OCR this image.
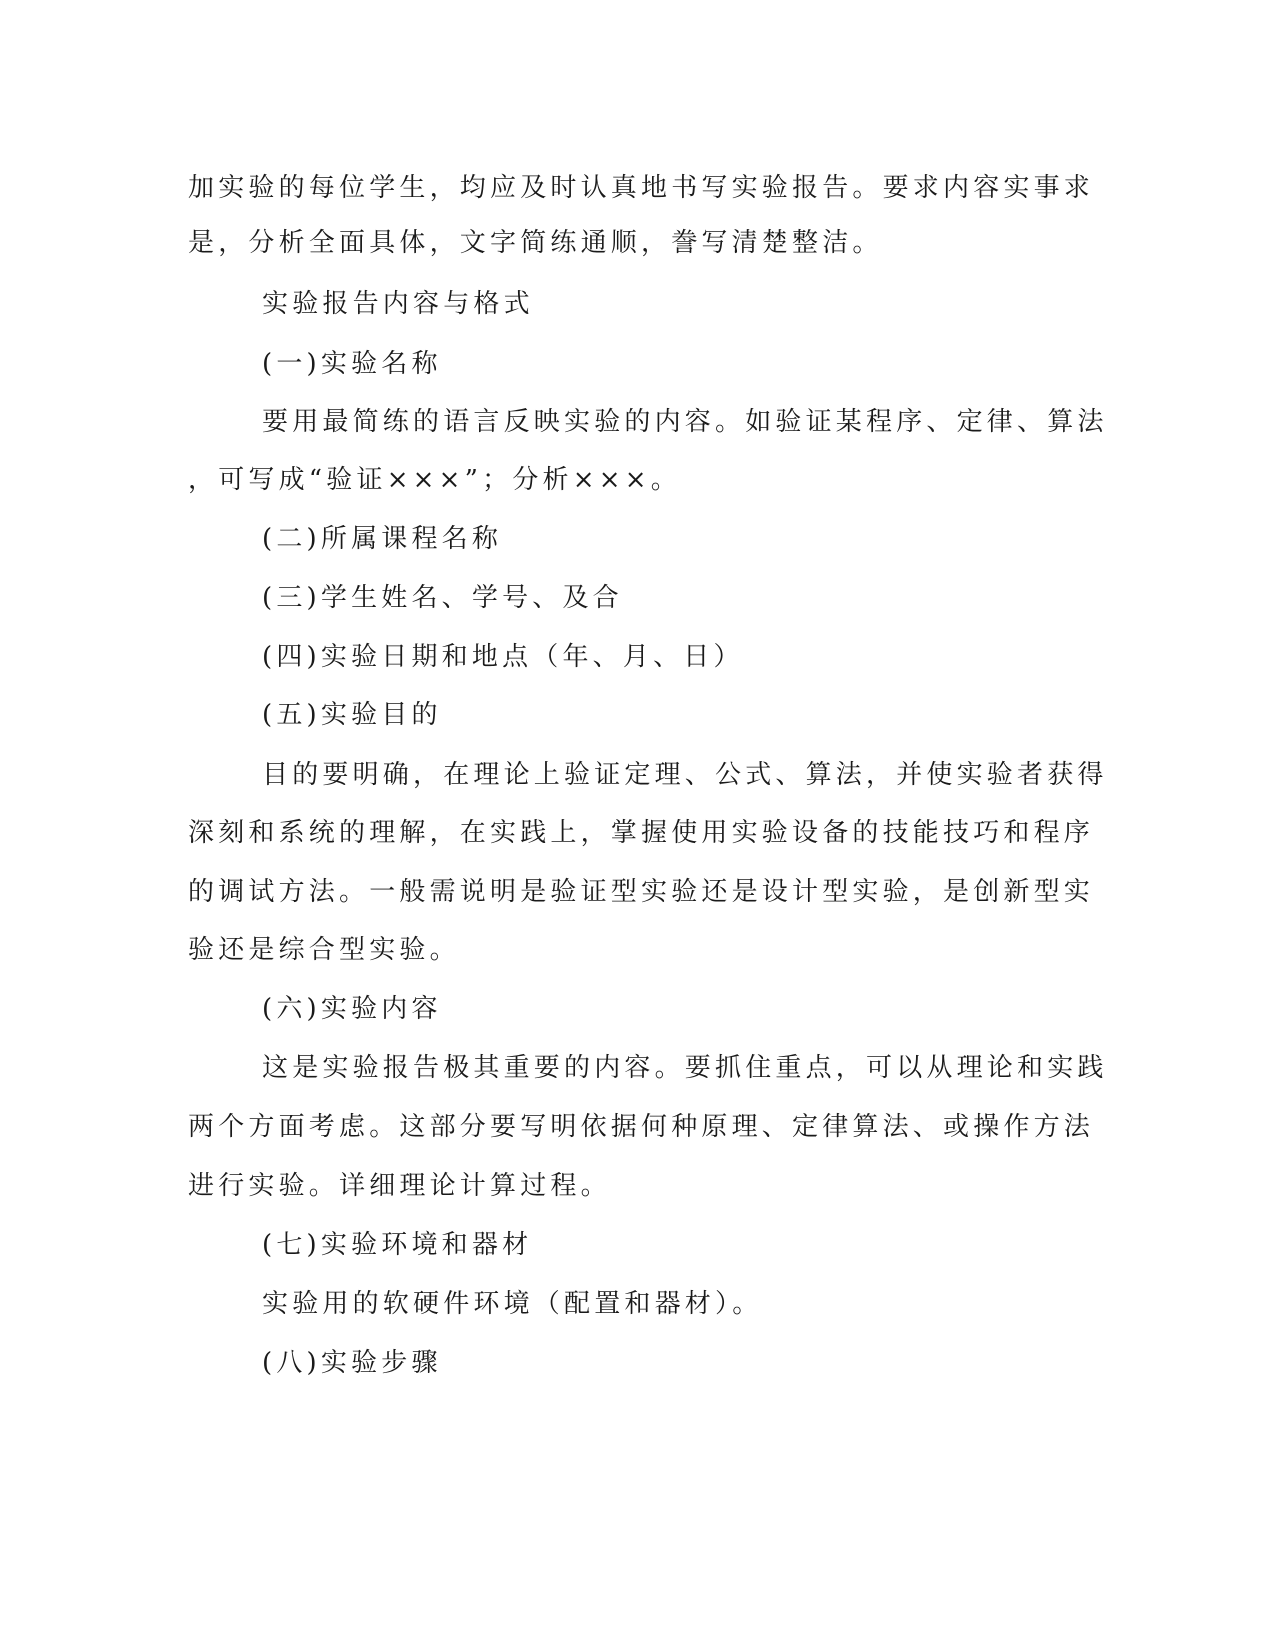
加实验的每位学生，均应及时认真地书写实验报告。要求内容实事求

是，分析全面具体，文字简练通顺，誊写清楚整洁。

实验报告内容与格式

(一)实验名称

要用最简练的语言反映实验的内容。如验证某程序、定律、算法

，可写成“验证×××”；分析×××。

(二)所属课程名称

(三)学生姓名、学号、及合

(四)实验日期和地点（年、月、日）

(五)实验目的

目的要明确，在理论上验证定理、公式、算法，并使实验者获得

深刻和系统的理解，在实践上，掌握使用实验设备的技能技巧和程序

的调试方法。一般需说明是验证型实验还是设计型实验，是创新型实

验还是综合型实验。

(六)实验内容

这是实验报告极其重要的内容。要抓住重点，可以从理论和实践

两个方面考虑。这部分要写明依据何种原理、定律算法、或操作方法

进行实验。详细理论计算过程。

(七)实验环境和器材

实验用的软硬件环境（配置和器材）。

(八)实验步骤
